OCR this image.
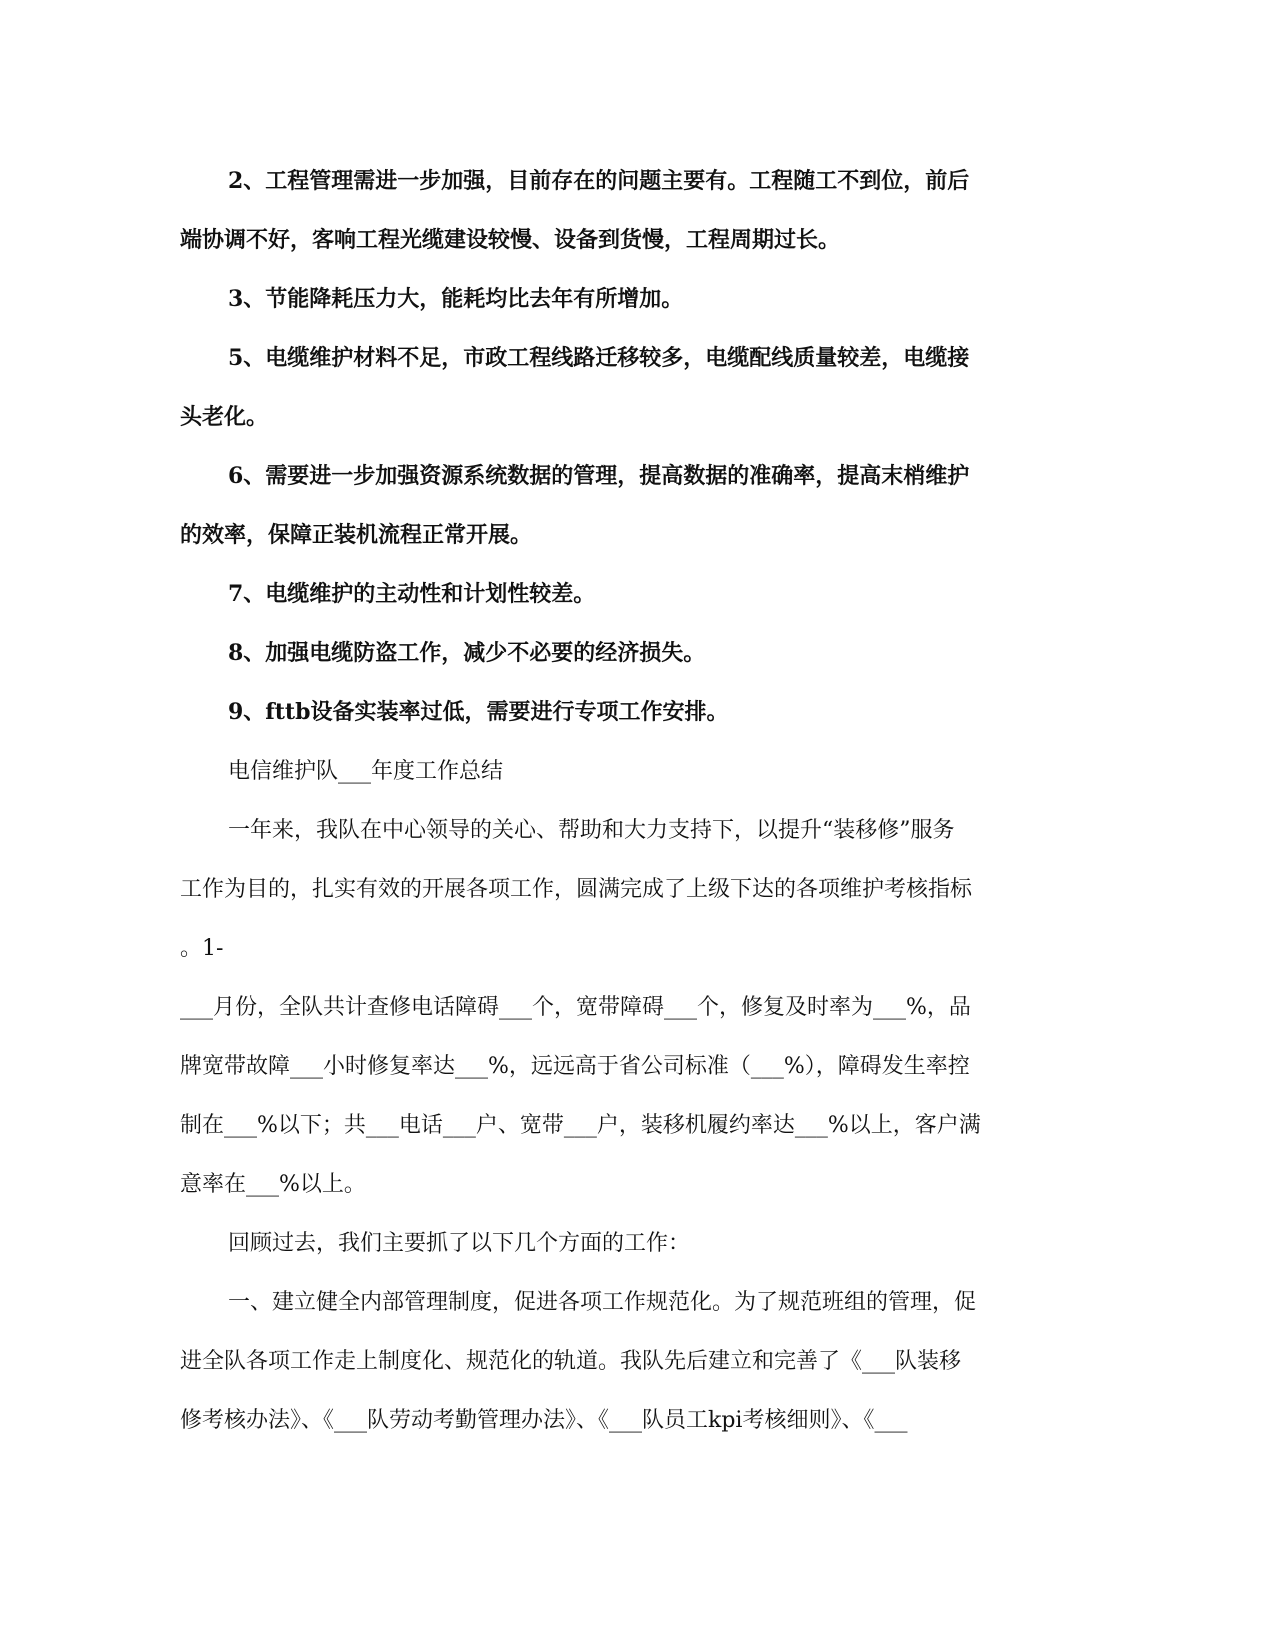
2、工程管理需进一步加强，目前存在的问题主要有。工程随工不到位，前后
端协调不好，客响工程光缆建设较慢、设备到货慢，工程周期过长。
3、节能降耗压力大，能耗均比去年有所增加。
5、电缆维护材料不足，市政工程线路迁移较多，电缆配线质量较差，电缆接
头老化。
6、需要进一步加强资源系统数据的管理，提高数据的准确率，提高末梢维护
的效率，保障正装机流程正常开展。
7、电缆维护的主动性和计划性较差。
8、加强电缆防盗工作，减少不必要的经济损失。
9、fttb设备实装率过低，需要进行专项工作安排。
电信维护队___年度工作总结
一年来，我队在中心领导的关心、帮助和大力支持下，以提升“装移修”服务
工作为目的，扎实有效的开展各项工作，圆满完成了上级下达的各项维护考核指标
。1-
___月份，全队共计查修电话障碍___个，宽带障碍___个，修复及时率为___%，品
牌宽带故障___小时修复率达___%，远远高于省公司标准（___%），障碍发生率控
制在___%以下；共___电话___户、宽带___户，装移机履约率达___%以上，客户满
意率在___%以上。
回顾过去，我们主要抓了以下几个方面的工作：
一、建立健全内部管理制度，促进各项工作规范化。为了规范班组的管理，促
进全队各项工作走上制度化、规范化的轨道。我队先后建立和完善了《___队装移
修考核办法》、《___队劳动考勤管理办法》、《___队员工kpi考核细则》、《___
